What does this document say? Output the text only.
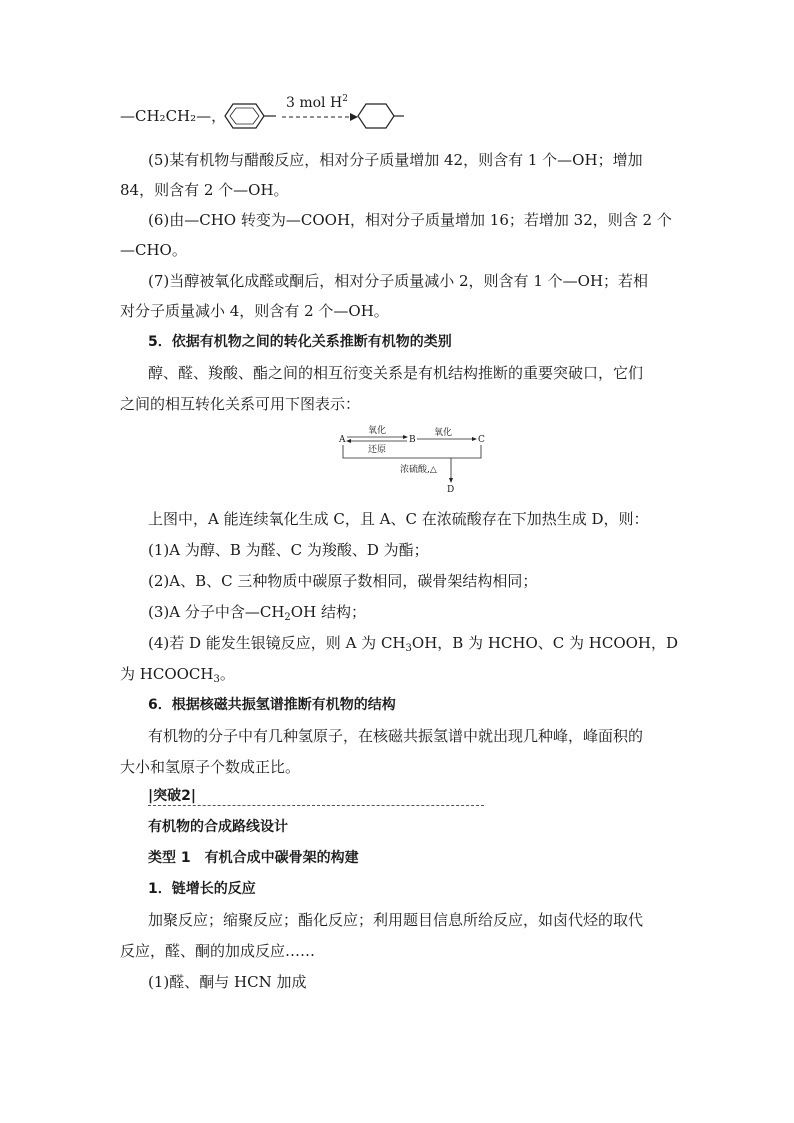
—CH₂CH₂—，
3 mol $H^2$
(5)某有机物与醋酸反应，相对分子质量增加 42，则含有 1 个—OH；增加
84，则含有 2 个—OH。
(6)由—CHO 转变为—COOH，相对分子质量增加 16；若增加 32，则含 2 个
—CHO。
(7)当醇被氧化成醛或酮后，相对分子质量减小 2，则含有 1 个—OH；若相
对分子质量减小 4，则含有 2 个—OH。
5．依据有机物之间的转化关系推断有机物的类别
醇、醛、羧酸、酯之间的相互衍变关系是有机结构推断的重要突破口，它们
之间的相互转化关系可用下图表示：
A	B	C
氧化
还原
氧化
浓硫酸,△
D
上图中，A 能连续氧化生成 C，且 A、C 在浓硫酸存在下加热生成 D，则：
(1)A 为醇、B 为醛、C 为羧酸、D 为酯；
(2)A、B、C 三种物质中碳原子数相同，碳骨架结构相同；
(3)A 分子中含$—CH_2OH$ 结构；
(4)若 D 能发生银镜反应，则 A 为 $CH_3OH$，B 为 HCHO、C 为 HCOOH，D
为 $HCOOCH_3$。
6．根据核磁共振氢谱推断有机物的结构
有机物的分子中有几种氢原子，在核磁共振氢谱中就出现几种峰，峰面积的
大小和氢原子个数成正比。
|突破2|
有机物的合成路线设计
类型 1　有机合成中碳骨架的构建
1．链增长的反应
加聚反应；缩聚反应；酯化反应；利用题目信息所给反应，如卤代烃的取代
反应，醛、酮的加成反应……
(1)醛、酮与 HCN 加成
